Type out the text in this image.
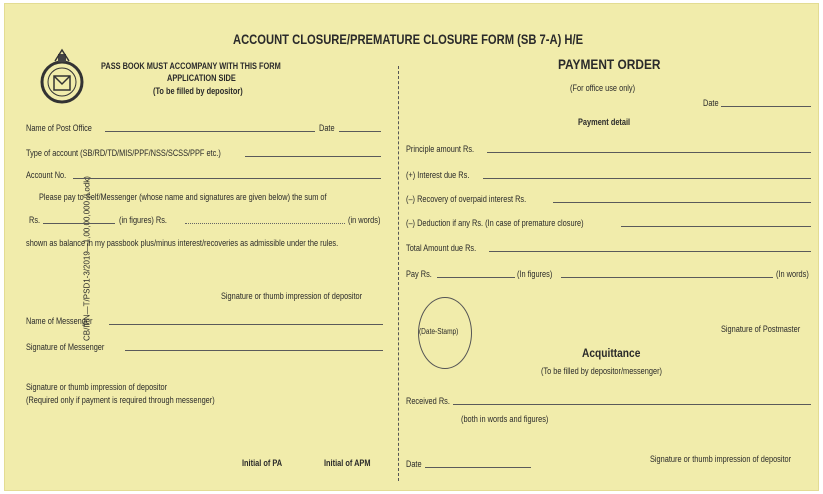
CB/IPN—T/PSD1-3/2019—1,00,00,000 (Lodk)
ACCOUNT CLOSURE/PREMATURE CLOSURE FORM (SB 7-A) H/E
PASS BOOK MUST ACCOMPANY WITH THIS FORM
APPLICATION SIDE
(To be filled by depositor)
Name of Post Office	Date
Type of account (SB/RD/TD/MIS/PPF/NSS/SCSS/PPF etc.)
Account No.
Please pay to Self/Messenger (whose name and signatures are given below) the sum of
Rs.	(in figures) Rs.	(in words)
shown as balance in my passbook plus/minus interest/recoveries as admissible under the rules.
Signature or thumb impression of depositor
Name of Messenger
Signature of Messenger
Signature or thumb impression of depositor
(Required only if payment is required through messenger)
Initial of PA	Initial of APM
PAYMENT ORDER
(For office use only)
Date
Payment detail
Principle amount Rs.
(+) Interest due Rs.
(–) Recovery of overpaid interest Rs.
(–) Deduction if any Rs. (In case of premature closure)
Total Amount due Rs.
Pay Rs.	(In figures)	(In words)
(Date-Stamp)	Signature of Postmaster
Acquittance
(To be filled by depositor/messenger)
Received Rs.
(both in words and figures)
Date	Signature or thumb impression of depositor
